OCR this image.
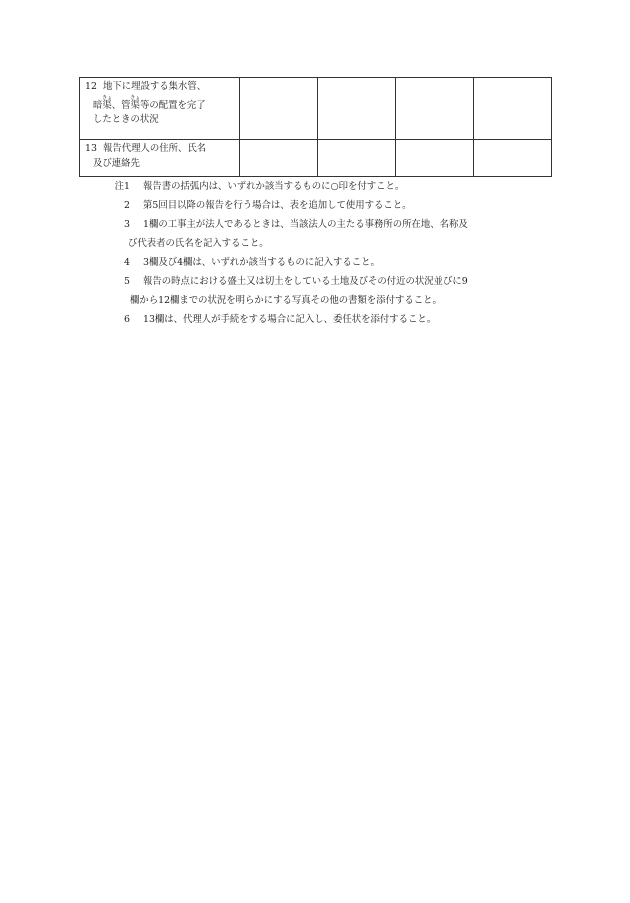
12 地下に埋設する集水管、
暗渠きょ、管渠きょ等の配置を完了
したときの状況				

13 報告代理人の住所、氏名
及び連絡先				

注1 報告書の括弧内は、いずれか該当するものに○印を付すこと。
2 第5回目以降の報告を行う場合は、表を追加して使用すること。
3 1欄の工事主が法人であるときは、当該法人の主たる事務所の所在地、名称及
び代表者の氏名を記入すること。
4 3欄及び4欄は、いずれか該当するものに記入すること。
5 報告の時点における盛土又は切土をしている土地及びその付近の状況並びに9
欄から12欄までの状況を明らかにする写真その他の書類を添付すること。
6 13欄は、代理人が手続をする場合に記入し、委任状を添付すること。
